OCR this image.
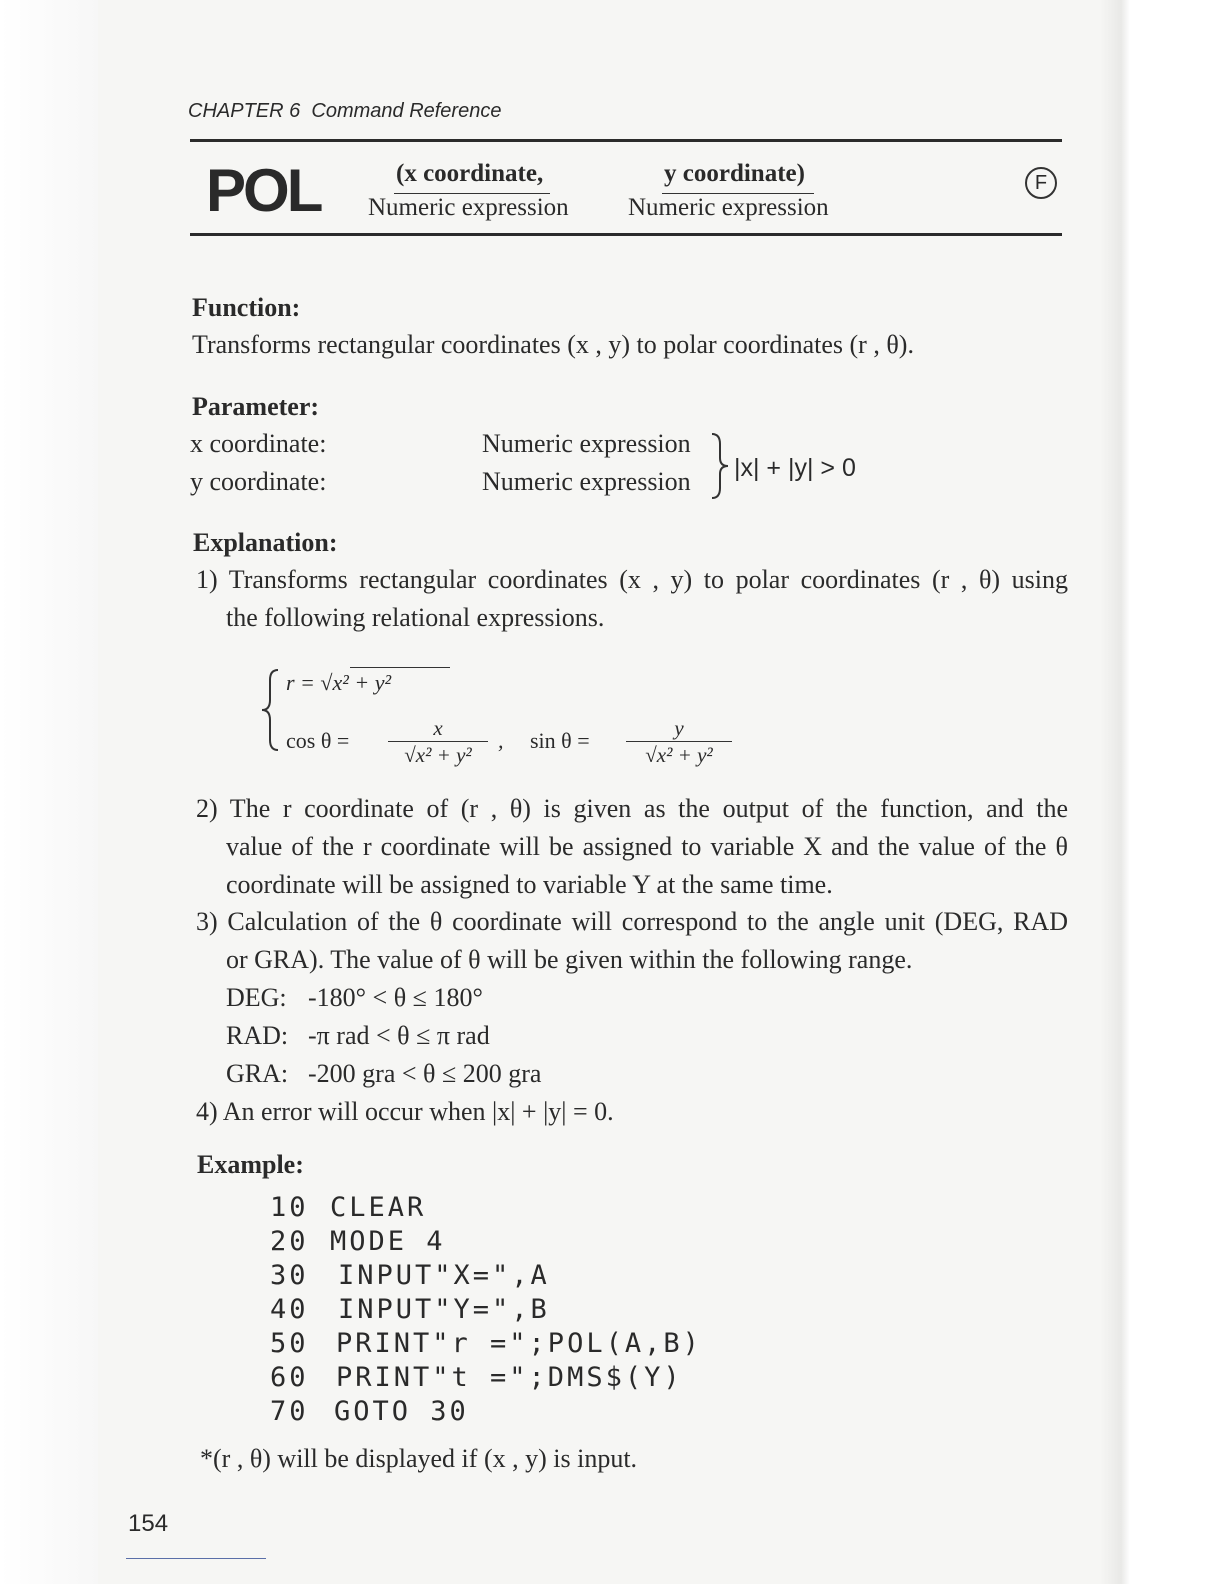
CHAPTER 6 Command Reference
POL	(x coordinate,
Numeric expression
y coordinate)
Numeric expression
F
Function:
Transforms rectangular coordinates (x , y) to polar coordinates (r , θ).
Parameter:
x coordinate:	Numeric expression
y coordinate:	Numeric expression |x| + |y| > 0
Explanation:
1) Transforms rectangular coordinates (x , y) to polar coordinates (r , θ) using
the following relational expressions.
r = √x² + y²
cos θ =	x
√x² + y²
, sin θ =	y
√x² + y²
2) The r coordinate of (r , θ) is given as the output of the function, and the
value of the r coordinate will be assigned to variable X and the value of the θ
coordinate will be assigned to variable Y at the same time.
3) Calculation of the θ coordinate will correspond to the angle unit (DEG, RAD
or GRA). The value of θ will be given within the following range.
DEG: -180° < θ ≤ 180°
RAD: -π rad < θ ≤ π rad
GRA: -200 gra < θ ≤ 200 gra
4) An error will occur when |x| + |y| = 0.
Example:
10 CLEAR
20 MODE 4
30 INPUT"X=",A
40 INPUT"Y=",B
50 PRINT"r =";POL(A,B)
60 PRINT"t =";DMS$(Y)
70 GOTO 30
*(r , θ) will be displayed if (x , y) is input.
154
